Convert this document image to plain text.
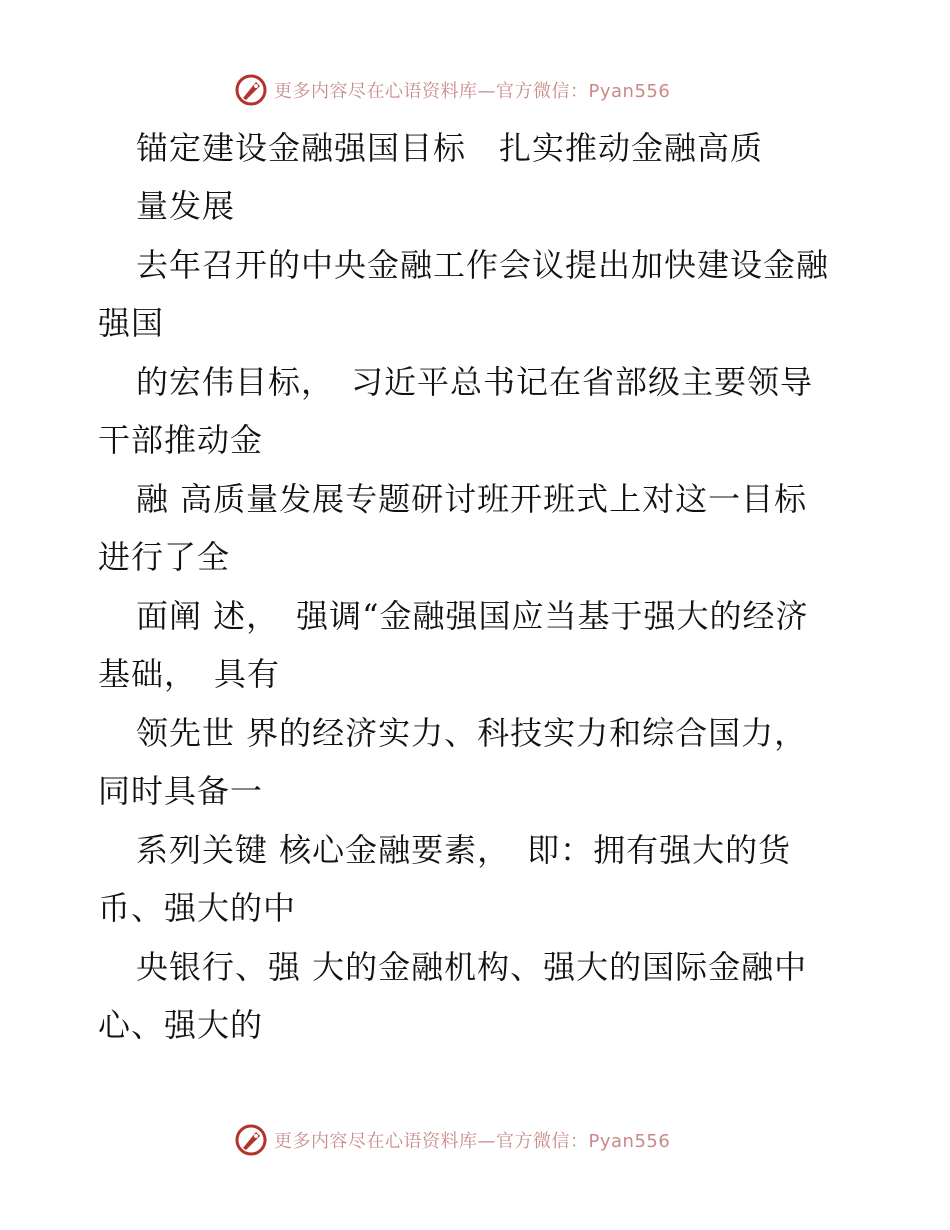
更多内容尽在心语资料库—官方微信：Pyan556
锚定建设金融强国目标　扎实推动金融高质
量发展
去年召开的中央金融工作会议提出加快建设金融
强国
的宏伟目标，　习近平总书记在省部级主要领导
干部推动金
融 高质量发展专题研讨班开班式上对这一目标
进行了全
面阐 述，　强调“金融强国应当基于强大的经济
基础，　具有
领先世 界的经济实力、科技实力和综合国力，
同时具备一
系列关键 核心金融要素，　即：拥有强大的货
币、强大的中
央银行、强 大的金融机构、强大的国际金融中
心、强大的
更多内容尽在心语资料库—官方微信：Pyan556
